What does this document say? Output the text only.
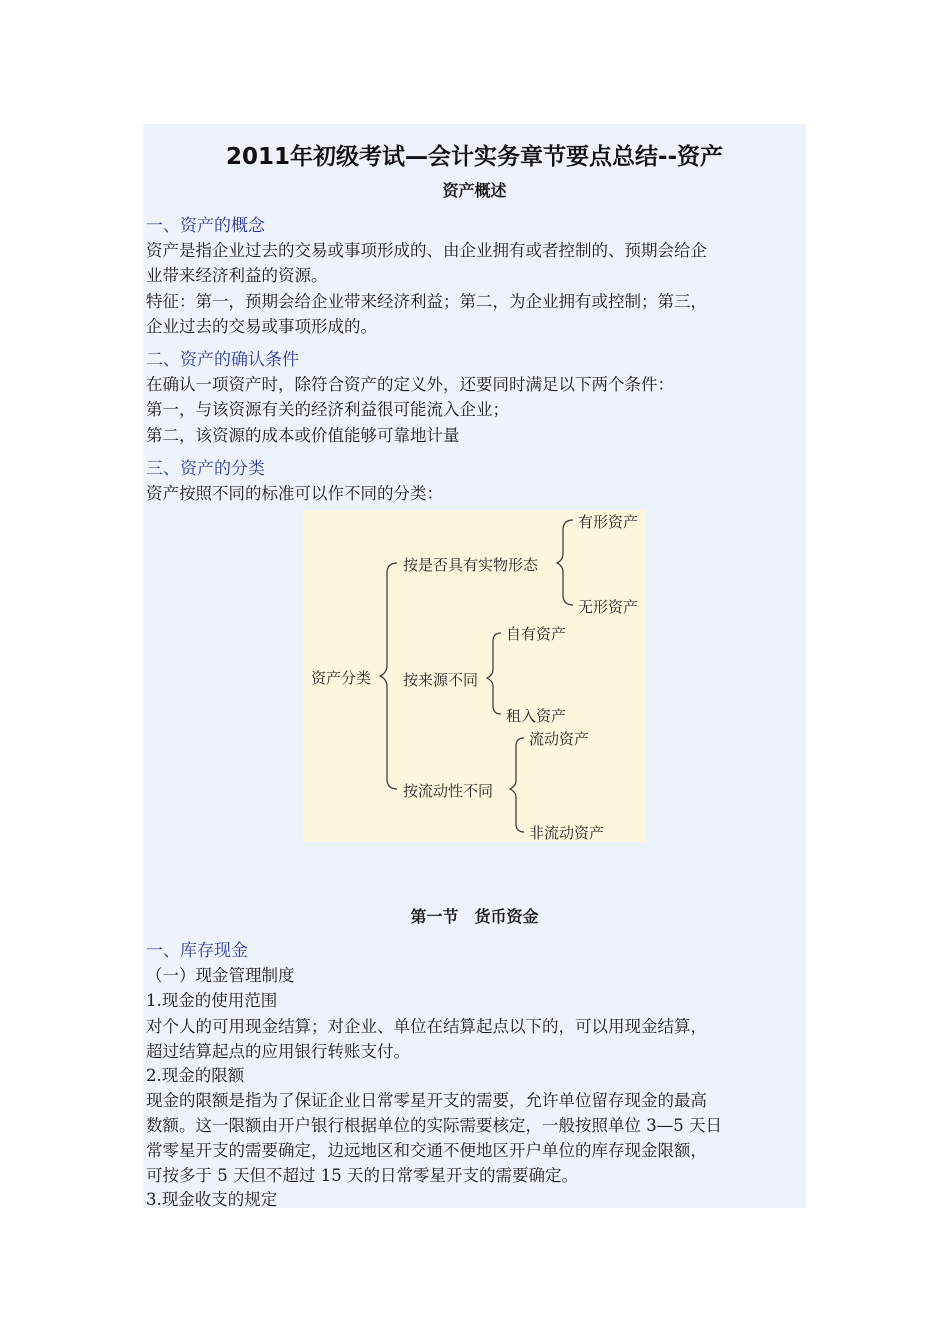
2011年初级考试—会计实务章节要点总结--资产
资产概述
一、资产的概念
资产是指企业过去的交易或事项形成的、由企业拥有或者控制的、预期会给企
业带来经济利益的资源。
特征：第一，预期会给企业带来经济利益；第二，为企业拥有或控制；第三，
企业过去的交易或事项形成的。
二、资产的确认条件
在确认一项资产时，除符合资产的定义外，还要同时满足以下两个条件：
第一，与该资源有关的经济利益很可能流入企业；
第二，该资源的成本或价值能够可靠地计量
三、资产的分类
资产按照不同的标准可以作不同的分类：
资产分类
按是否具有实物形态
有形资产
无形资产
按来源不同
自有资产
租入资产
按流动性不同
流动资产
非流动资产
第一节　货币资金
一、库存现金
（一）现金管理制度
1.现金的使用范围
对个人的可用现金结算；对企业、单位在结算起点以下的，可以用现金结算，
超过结算起点的应用银行转账支付。
2.现金的限额
现金的限额是指为了保证企业日常零星开支的需要，允许单位留存现金的最高
数额。这一限额由开户银行根据单位的实际需要核定，一般按照单位 3—5 天日
常零星开支的需要确定，边远地区和交通不便地区开户单位的库存现金限额，
可按多于 5 天但不超过 15 天的日常零星开支的需要确定。
3.现金收支的规定
